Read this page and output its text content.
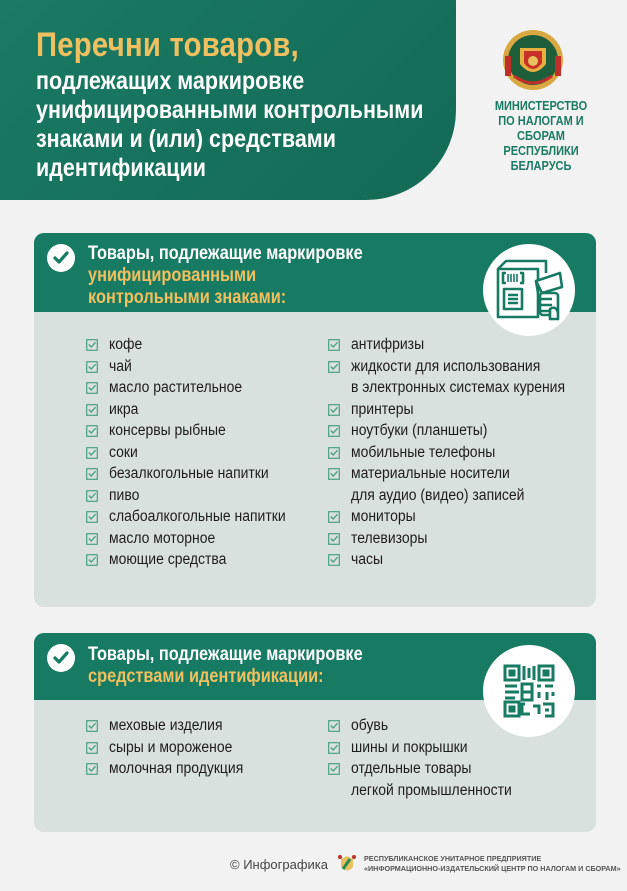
Перечни товаров,
подлежащих маркировке
унифицированными контрольными
знаками и (или) средствами
идентификации
МИНИСТЕРСТВО
ПО НАЛОГАМ И СБОРАМ
РЕСПУБЛИКИ БЕЛАРУСЬ
Товары, подлежащие маркировке
унифицированными
контрольными знаками:
кофе
чай
масло растительное
икра
консервы рыбные
соки
безалкогольные напитки
пиво
слабоалкогольные напитки
масло моторное
моющие средства
антифризы
жидкости для использования
в электронных системах курения
принтеры
ноутбуки (планшеты)
мобильные телефоны
материальные носители
для аудио (видео) записей
мониторы
телевизоры
часы
Товары, подлежащие маркировке
средствами идентификации:
меховые изделия
сыры и мороженое
молочная продукция
обувь
шины и покрышки
отдельные товары
легкой промышленности
© Инфографика	РЕСПУБЛИКАНСКОЕ УНИТАРНОЕ ПРЕДПРИЯТИЕ
«ИНФОРМАЦИОННО-ИЗДАТЕЛЬСКИЙ ЦЕНТР ПО НАЛОГАМ И СБОРАМ»
